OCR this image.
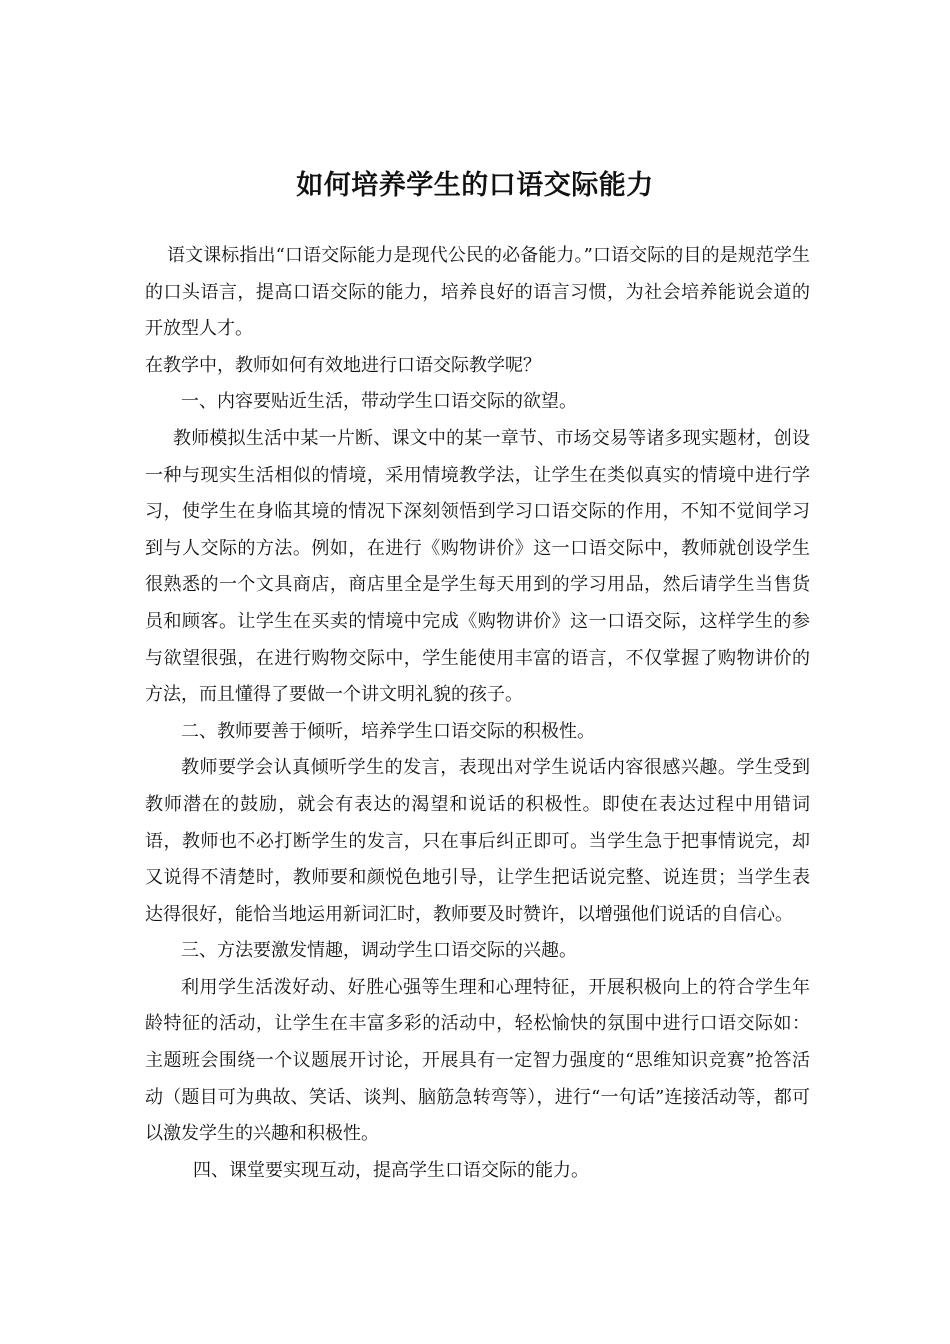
如何培养学生的口语交际能力

语文课标指出“口语交际能力是现代公民的必备能力。”口语交际的目的是规范学生的口头语言，提高口语交际的能力，培养良好的语言习惯，为社会培养能说会道的开放型人才。

在教学中，教师如何有效地进行口语交际教学呢？

一、内容要贴近生活，带动学生口语交际的欲望。

教师模拟生活中某一片断、课文中的某一章节、市场交易等诸多现实题材，创设一种与现实生活相似的情境，采用情境教学法，让学生在类似真实的情境中进行学习，使学生在身临其境的情况下深刻领悟到学习口语交际的作用，不知不觉间学习到与人交际的方法。例如，在进行《购物讲价》这一口语交际中，教师就创设学生很熟悉的一个文具商店，商店里全是学生每天用到的学习用品，然后请学生当售货员和顾客。让学生在买卖的情境中完成《购物讲价》这一口语交际，这样学生的参与欲望很强，在进行购物交际中，学生能使用丰富的语言，不仅掌握了购物讲价的方法，而且懂得了要做一个讲文明礼貌的孩子。

二、教师要善于倾听，培养学生口语交际的积极性。

教师要学会认真倾听学生的发言，表现出对学生说话内容很感兴趣。学生受到教师潜在的鼓励，就会有表达的渴望和说话的积极性。即使在表达过程中用错词语，教师也不必打断学生的发言，只在事后纠正即可。当学生急于把事情说完，却又说得不清楚时，教师要和颜悦色地引导，让学生把话说完整、说连贯；当学生表达得很好，能恰当地运用新词汇时，教师要及时赞许，以增强他们说话的自信心。

三、方法要激发情趣，调动学生口语交际的兴趣。

利用学生活泼好动、好胜心强等生理和心理特征，开展积极向上的符合学生年龄特征的活动，让学生在丰富多彩的活动中，轻松愉快的氛围中进行口语交际如：主题班会围绕一个议题展开讨论，开展具有一定智力强度的“思维知识竞赛”抢答活动（题目可为典故、笑话、谈判、脑筋急转弯等），进行“一句话”连接活动等，都可以激发学生的兴趣和积极性。

四、课堂要实现互动，提高学生口语交际的能力。
